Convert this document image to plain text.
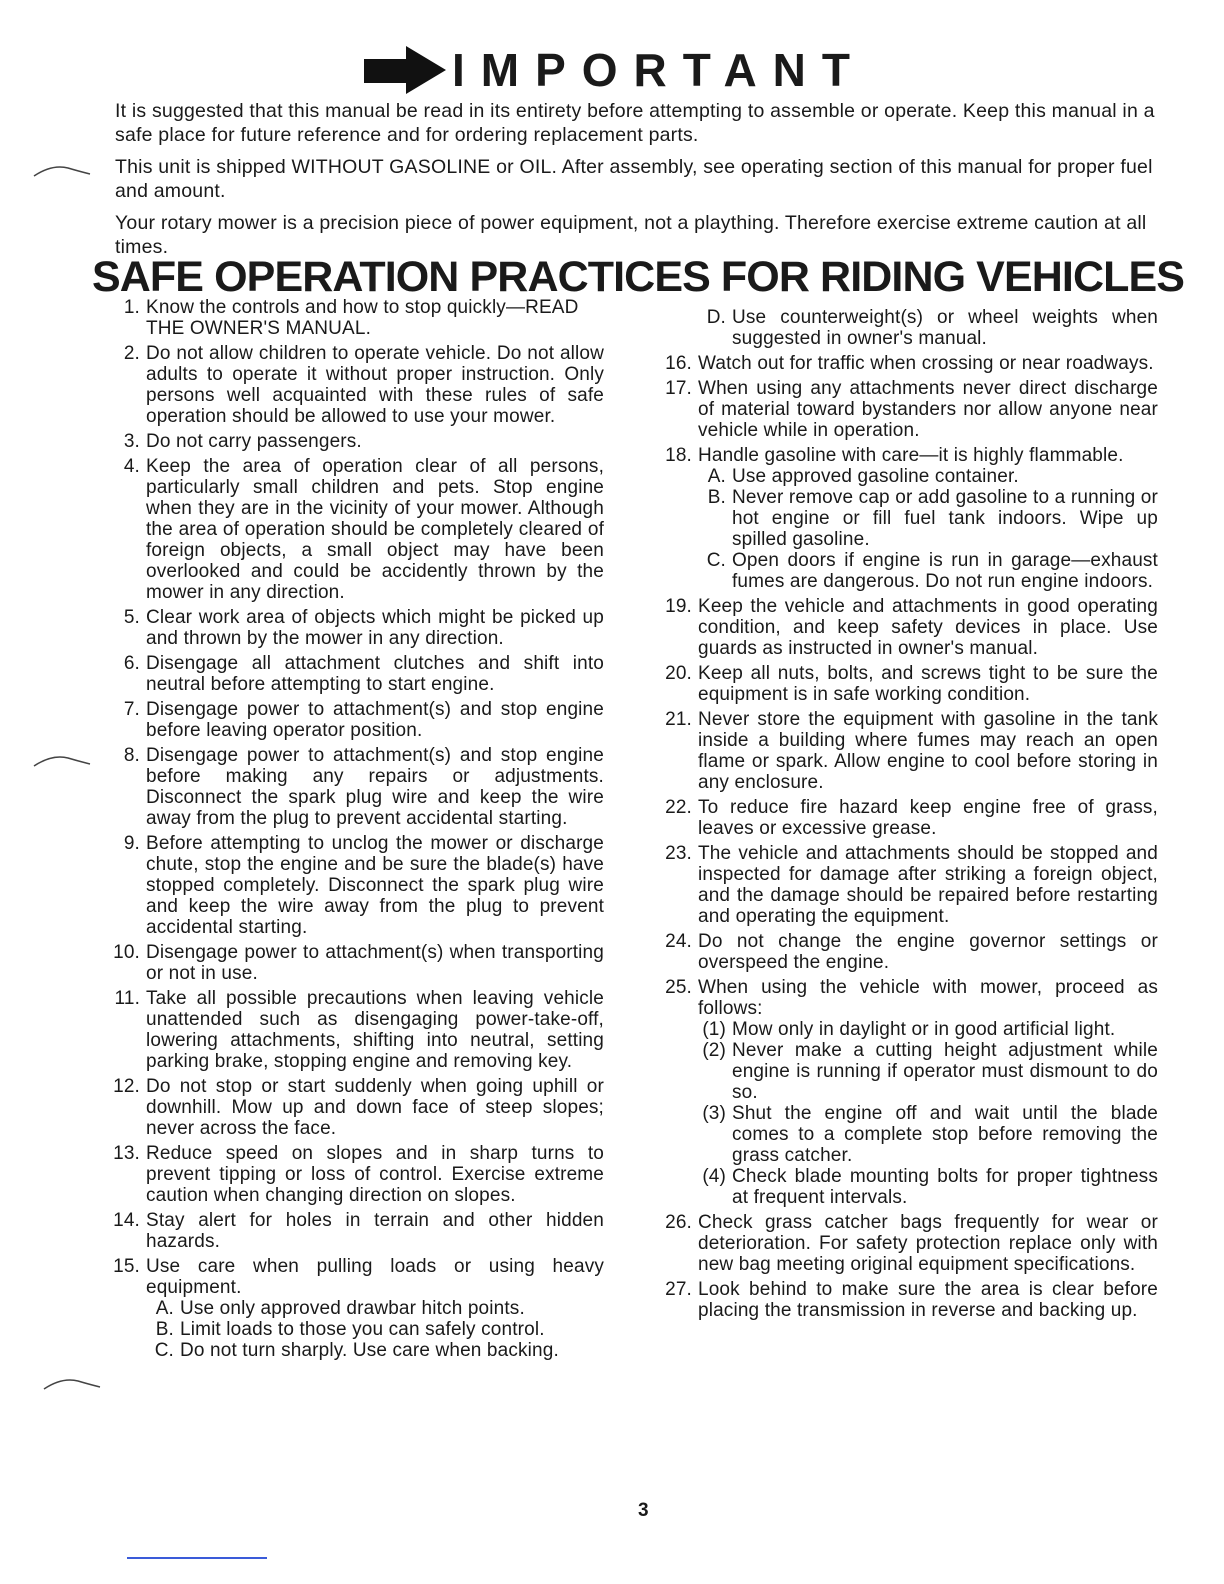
IMPORTANT

It is suggested that this manual be read in its entirety before attempting to assemble or operate. Keep this manual in a safe place for future reference and for ordering replacement parts.

This unit is shipped WITHOUT GASOLINE or OIL. After assembly, see operating section of this manual for proper fuel and amount.

Your rotary mower is a precision piece of power equipment, not a plaything. Therefore exercise extreme caution at all times.

SAFE OPERATION PRACTICES FOR RIDING VEHICLES
1. Know the controls and how to stop quickly—READ THE OWNER'S MANUAL.
2. Do not allow children to operate vehicle. Do not allow adults to operate it without proper instruction. Only persons well acquainted with these rules of safe operation should be allowed to use your mower.
3. Do not carry passengers.
4. Keep the area of operation clear of all persons, particularly small children and pets. Stop engine when they are in the vicinity of your mower. Although the area of operation should be completely cleared of foreign objects, a small object may have been overlooked and could be accidently thrown by the mower in any direction.
5. Clear work area of objects which might be picked up and thrown by the mower in any direction.
6. Disengage all attachment clutches and shift into neutral before attempting to start engine.
7. Disengage power to attachment(s) and stop engine before leaving operator position.
8. Disengage power to attachment(s) and stop engine before making any repairs or adjustments. Disconnect the spark plug wire and keep the wire away from the plug to prevent accidental starting.
9. Before attempting to unclog the mower or discharge chute, stop the engine and be sure the blade(s) have stopped completely. Disconnect the spark plug wire and keep the wire away from the plug to prevent accidental starting.
10. Disengage power to attachment(s) when transporting or not in use.
11. Take all possible precautions when leaving vehicle unattended such as disengaging power-take-off, lowering attachments, shifting into neutral, setting parking brake, stopping engine and removing key.
12. Do not stop or start suddenly when going uphill or downhill. Mow up and down face of steep slopes; never across the face.
13. Reduce speed on slopes and in sharp turns to prevent tipping or loss of control. Exercise extreme caution when changing direction on slopes.
14. Stay alert for holes in terrain and other hidden hazards.
15. Use care when pulling loads or using heavy equipment.
A. Use only approved drawbar hitch points.
B. Limit loads to those you can safely control.
C. Do not turn sharply. Use care when backing.
D. Use counterweight(s) or wheel weights when suggested in owner's manual.
16. Watch out for traffic when crossing or near roadways.
17. When using any attachments never direct discharge of material toward bystanders nor allow anyone near vehicle while in operation.
18. Handle gasoline with care—it is highly flammable.
A. Use approved gasoline container.
B. Never remove cap or add gasoline to a running or hot engine or fill fuel tank indoors. Wipe up spilled gasoline.
C. Open doors if engine is run in garage—exhaust fumes are dangerous. Do not run engine indoors.
19. Keep the vehicle and attachments in good operating condition, and keep safety devices in place. Use guards as instructed in owner's manual.
20. Keep all nuts, bolts, and screws tight to be sure the equipment is in safe working condition.
21. Never store the equipment with gasoline in the tank inside a building where fumes may reach an open flame or spark. Allow engine to cool before storing in any enclosure.
22. To reduce fire hazard keep engine free of grass, leaves or excessive grease.
23. The vehicle and attachments should be stopped and inspected for damage after striking a foreign object, and the damage should be repaired before restarting and operating the equipment.
24. Do not change the engine governor settings or overspeed the engine.
25. When using the vehicle with mower, proceed as follows:
(1) Mow only in daylight or in good artificial light.
(2) Never make a cutting height adjustment while engine is running if operator must dismount to do so.
(3) Shut the engine off and wait until the blade comes to a complete stop before removing the grass catcher.
(4) Check blade mounting bolts for proper tightness at frequent intervals.
26. Check grass catcher bags frequently for wear or deterioration. For safety protection replace only with new bag meeting original equipment specifications.
27. Look behind to make sure the area is clear before placing the transmission in reverse and backing up.
3
